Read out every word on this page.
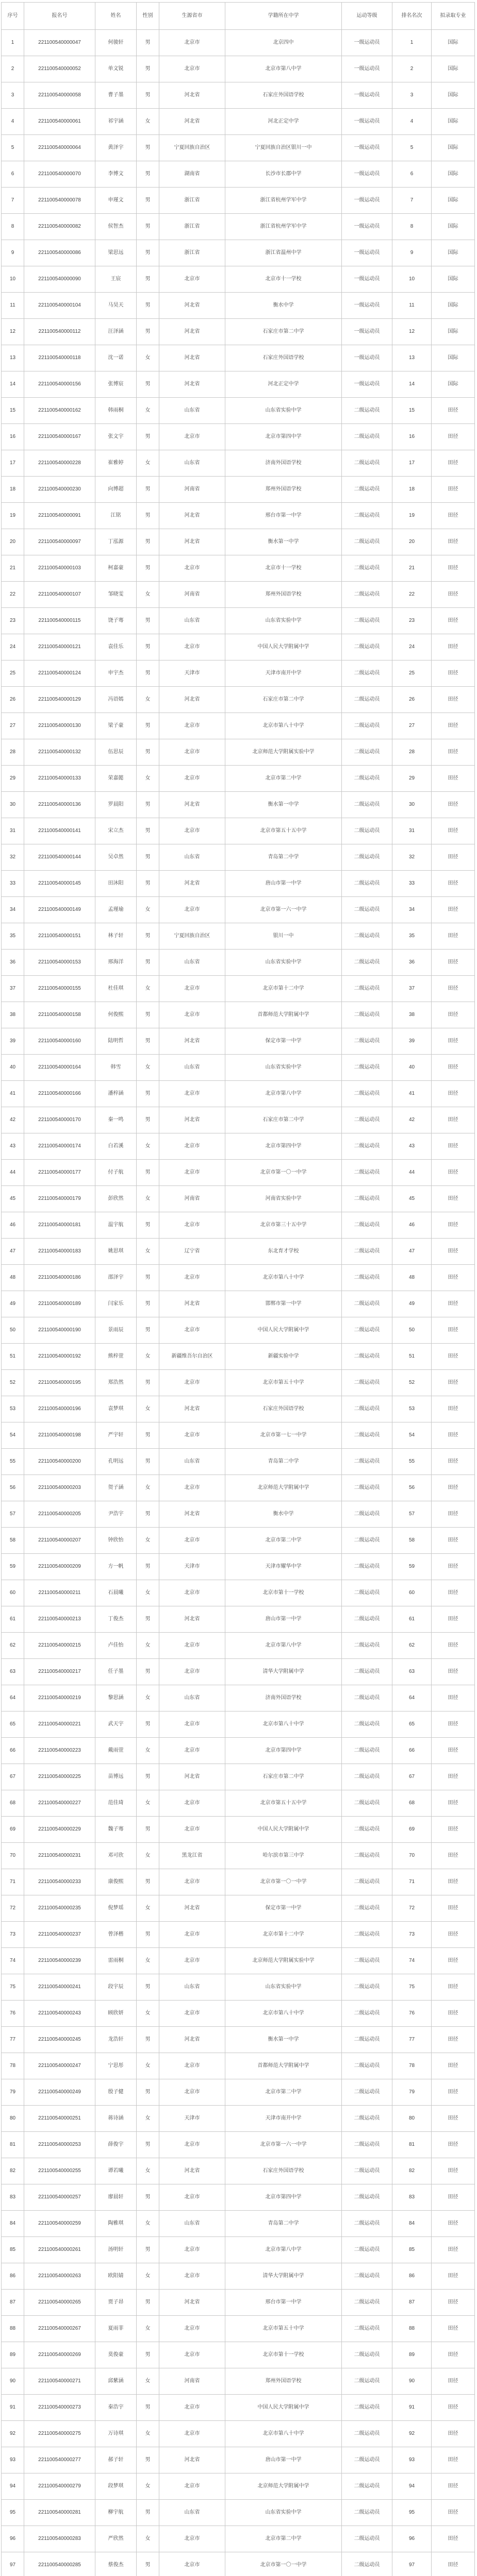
序号	报名号	姓名	性别	生源省市	学籍所在中学	运动等级	排名名次	拟录取专业
1	221100540000047	何骏轩	男	北京市	北京四中	一级运动员	1	国际
2	221100540000052	单文锐	男	北京市	北京市第八中学	一级运动员	2	国际
3	221100540000058	曹子墨	男	河北省	石家庄外国语学校	一级运动员	3	国际
4	221100540000061	祁宇涵	女	河北省	河北正定中学	一级运动员	4	国际
5	221100540000064	黄泽宇	男	宁夏回族自治区	宁夏回族自治区银川一中	一级运动员	5	国际
6	221100540000070	李博文	男	湖南省	长沙市长郡中学	一级运动员	6	国际
7	221100540000078	申瑾文	男	浙江省	浙江省杭州学军中学	一级运动员	7	国际
8	221100540000082	侯智杰	男	浙江省	浙江省杭州学军中学	一级运动员	8	国际
9	221100540000086	梁思远	男	浙江省	浙江省温州中学	一级运动员	9	国际
10	221100540000090	王宸	男	北京市	北京市十一学校	一级运动员	10	国际
11	221100540000104	马昊天	男	河北省	衡水中学	一级运动员	11	国际
12	221100540000112	汪泽涵	男	河北省	石家庄市第二中学	一级运动员	12	国际
13	221100540000118	沈一诺	女	河北省	石家庄外国语学校	一级运动员	13	国际
14	221100540000156	张博宸	男	河北省	河北正定中学	一级运动员	14	国际
15	221100540000162	韩雨桐	女	山东省	山东省实验中学	二级运动员	15	田径
16	221100540000167	张文宇	男	北京市	北京市第四中学	二级运动员	16	田径
17	221100540000228	崔雅婷	女	山东省	济南外国语学校	二级运动员	17	田径
18	221100540000230	向博超	男	河南省	郑州外国语学校	二级运动员	18	田径
19	221100540000091	江铭	男	河北省	邢台市第一中学	二级运动员	19	田径
20	221100540000097	丁泓源	男	河北省	衡水第一中学	二级运动员	20	田径
21	221100540000103	柯嘉豪	男	北京市	北京市十一学校	二级运动员	21	田径
22	221100540000107	邹晓雯	女	河南省	郑州外国语学校	二级运动员	22	田径
23	221100540000115	饶子骞	男	山东省	山东省实验中学	二级运动员	23	田径
24	221100540000121	袁佳乐	男	北京市	中国人民大学附属中学	二级运动员	24	田径
25	221100540000124	申宇杰	男	天津市	天津市南开中学	二级运动员	25	田径
26	221100540000129	冯语嫣	女	河北省	石家庄市第二中学	二级运动员	26	田径
27	221100540000130	梁子豪	男	北京市	北京市第八十中学	二级运动员	27	田径
28	221100540000132	伍思辰	男	北京市	北京师范大学附属实验中学	二级运动员	28	田径
29	221100540000133	荣嘉懿	女	北京市	北京市第二中学	二级运动员	29	田径
30	221100540000136	罗晨阳	男	河北省	衡水第一中学	二级运动员	30	田径
31	221100540000141	宋立杰	男	北京市	北京市第五十五中学	二级运动员	31	田径
32	221100540000144	吴卓然	男	山东省	青岛第二中学	二级运动员	32	田径
33	221100540000145	田沐阳	男	河北省	唐山市第一中学	二级运动员	33	田径
34	221100540000149	孟瑾瑜	女	北京市	北京市第一六一中学	二级运动员	34	田径
35	221100540000151	林子轩	男	宁夏回族自治区	银川一中	二级运动员	35	田径
36	221100540000153	邢海洋	男	山东省	山东省实验中学	二级运动员	36	田径
37	221100540000155	杜佳琪	女	北京市	北京市第十二中学	二级运动员	37	田径
38	221100540000158	何俊熙	男	北京市	首都师范大学附属中学	二级运动员	38	田径
39	221100540000160	陆明哲	男	河北省	保定市第一中学	二级运动员	39	田径
40	221100540000164	韩雪	女	山东省	山东省实验中学	二级运动员	40	田径
41	221100540000166	潘梓涵	男	北京市	北京市第八中学	二级运动员	41	田径
42	221100540000170	秦一鸣	男	河北省	石家庄市第二中学	二级运动员	42	田径
43	221100540000174	白若溪	女	北京市	北京市第四中学	二级运动员	43	田径
44	221100540000177	付子航	男	北京市	北京市第一〇一中学	二级运动员	44	田径
45	221100540000179	彭欣然	女	河南省	河南省实验中学	二级运动员	45	田径
46	221100540000181	温宇航	男	北京市	北京市第三十五中学	二级运动员	46	田径
47	221100540000183	姚思琪	女	辽宁省	东北育才学校	二级运动员	47	田径
48	221100540000186	邵泽宇	男	北京市	北京市第八十中学	二级运动员	48	田径
49	221100540000189	闫家乐	男	河北省	邯郸市第一中学	二级运动员	49	田径
50	221100540000190	景雨辰	男	北京市	中国人民大学附属中学	二级运动员	50	田径
51	221100540000192	熊梓萱	女	新疆维吾尔自治区	新疆实验中学	二级运动员	51	田径
52	221100540000195	郑浩然	男	北京市	北京市第五十中学	二级运动员	52	田径
53	221100540000196	袁梦琪	女	河北省	石家庄外国语学校	二级运动员	53	田径
54	221100540000198	严宇轩	男	北京市	北京市第一七一中学	二级运动员	54	田径
55	221100540000200	孔明远	男	山东省	青岛第二中学	二级运动员	55	田径
56	221100540000203	贺子涵	女	北京市	北京师范大学附属中学	二级运动员	56	田径
57	221100540000205	尹浩宇	男	河北省	衡水中学	二级运动员	57	田径
58	221100540000207	钟欣怡	女	北京市	北京市第二中学	二级运动员	58	田径
59	221100540000209	方一帆	男	天津市	天津市耀华中学	二级运动员	59	田径
60	221100540000211	石晨曦	女	北京市	北京市第十一学校	二级运动员	60	田径
61	221100540000213	丁俊杰	男	河北省	唐山市第一中学	二级运动员	61	田径
62	221100540000215	卢佳怡	女	北京市	北京市第八中学	二级运动员	62	田径
63	221100540000217	任子墨	男	北京市	清华大学附属中学	二级运动员	63	田径
64	221100540000219	黎思涵	女	山东省	济南外国语学校	二级运动员	64	田径
65	221100540000221	武天宇	男	北京市	北京市第八十中学	二级运动员	65	田径
66	221100540000223	戴雨萱	女	北京市	北京市第四中学	二级运动员	66	田径
67	221100540000225	苗博远	男	河北省	石家庄市第二中学	二级运动员	67	田径
68	221100540000227	范佳琦	女	北京市	北京市第五十五中学	二级运动员	68	田径
69	221100540000229	魏子骞	男	北京市	中国人民大学附属中学	二级运动员	69	田径
70	221100540000231	邓可欣	女	黑龙江省	哈尔滨市第三中学	二级运动员	70	田径
71	221100540000233	康俊熙	男	北京市	北京市第一〇一中学	二级运动员	71	田径
72	221100540000235	倪梦瑶	女	河北省	保定市第一中学	二级运动员	72	田径
73	221100540000237	曾泽楷	男	北京市	北京市第十二中学	二级运动员	73	田径
74	221100540000239	雷雨桐	女	北京市	北京师范大学附属实验中学	二级运动员	74	田径
75	221100540000241	段宇辰	男	山东省	山东省实验中学	二级运动员	75	田径
76	221100540000243	顾欣妍	女	北京市	北京市第八十中学	二级运动员	76	田径
77	221100540000245	龙浩轩	男	河北省	衡水第一中学	二级运动员	77	田径
78	221100540000247	宁思彤	女	北京市	首都师范大学附属中学	二级运动员	78	田径
79	221100540000249	殷子健	男	北京市	北京市第二中学	二级运动员	79	田径
80	221100540000251	蒋诗涵	女	天津市	天津市南开中学	二级运动员	80	田径
81	221100540000253	薛俊宇	男	北京市	北京市第一六一中学	二级运动员	81	田径
82	221100540000255	谭若曦	女	河北省	石家庄外国语学校	二级运动员	82	田径
83	221100540000257	廖晨轩	男	北京市	北京市第四中学	二级运动员	83	田径
84	221100540000259	陶雅琪	女	山东省	青岛第二中学	二级运动员	84	田径
85	221100540000261	汤明轩	男	北京市	北京市第八中学	二级运动员	85	田径
86	221100540000263	欧阳婧	女	北京市	清华大学附属中学	二级运动员	86	田径
87	221100540000265	贾子昂	男	河北省	邢台市第一中学	二级运动员	87	田径
88	221100540000267	夏雨菲	女	北京市	北京市第五十中学	二级运动员	88	田径
89	221100540000269	莫俊豪	男	北京市	北京市第十一学校	二级运动员	89	田径
90	221100540000271	邱紫涵	女	河南省	郑州外国语学校	二级运动员	90	田径
91	221100540000273	秦浩宇	男	北京市	中国人民大学附属中学	二级运动员	91	田径
92	221100540000275	万诗琪	女	北京市	北京市第八十中学	二级运动员	92	田径
93	221100540000277	郝子轩	男	河北省	唐山市第一中学	二级运动员	93	田径
94	221100540000279	段梦琪	女	北京市	北京师范大学附属中学	二级运动员	94	田径
95	221100540000281	柳宇航	男	山东省	山东省实验中学	二级运动员	95	田径
96	221100540000283	严欣然	女	北京市	北京市第二中学	二级运动员	96	田径
97	221100540000285	蔡俊杰	男	北京市	北京市第一〇一中学	二级运动员	97	田径
